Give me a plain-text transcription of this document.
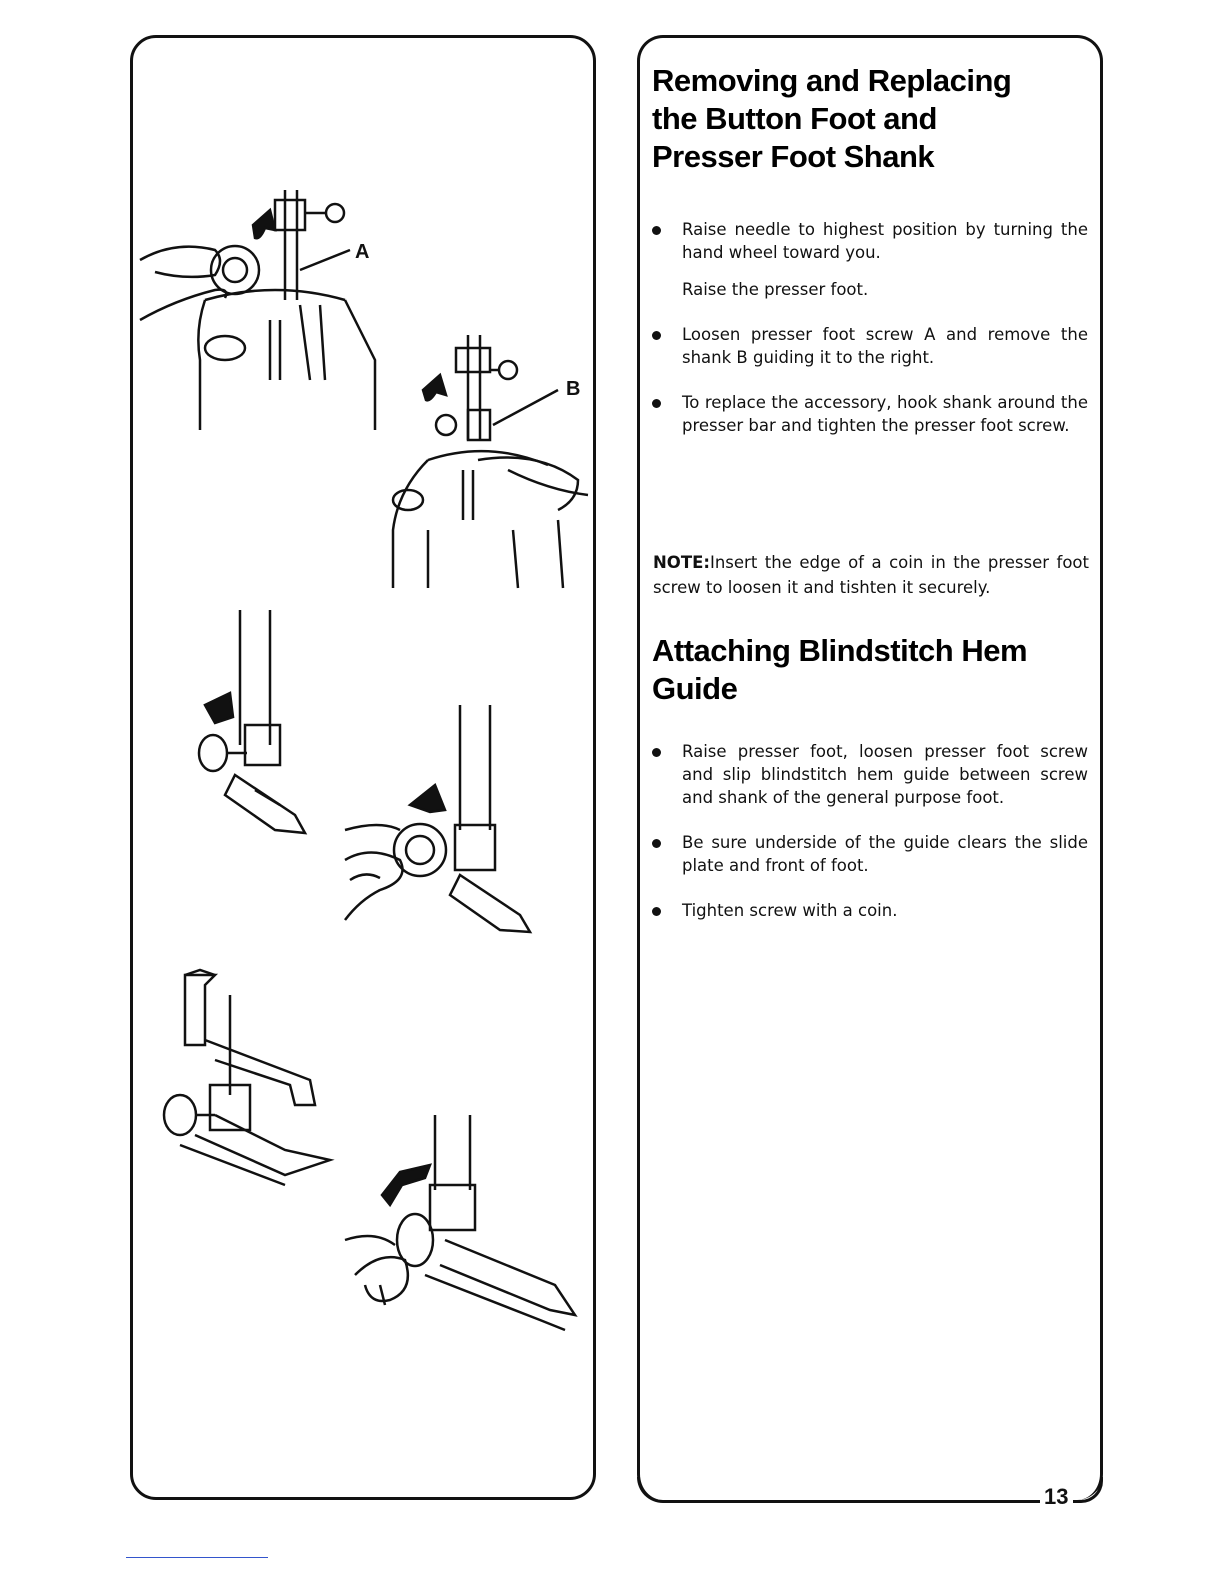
A
B
Removing and Replacing
the Button Foot and
Presser Foot Shank
Raise needle to highest position by turning the hand wheel toward you.
Raise the presser foot.
Loosen presser foot screw A and remove the shank B guiding it to the right.
To replace the accessory, hook shank around the presser bar and tighten the presser foot screw.

NOTE:Insert the edge of a coin in the presser foot screw to loosen it and tishten it securely.

Attaching Blindstitch Hem
Guide
Raise presser foot, loosen presser foot screw and slip blindstitch hem guide between screw and shank of the general purpose foot.
Be sure underside of the guide clears the slide plate and front of foot.
Tighten screw with a coin.
13
